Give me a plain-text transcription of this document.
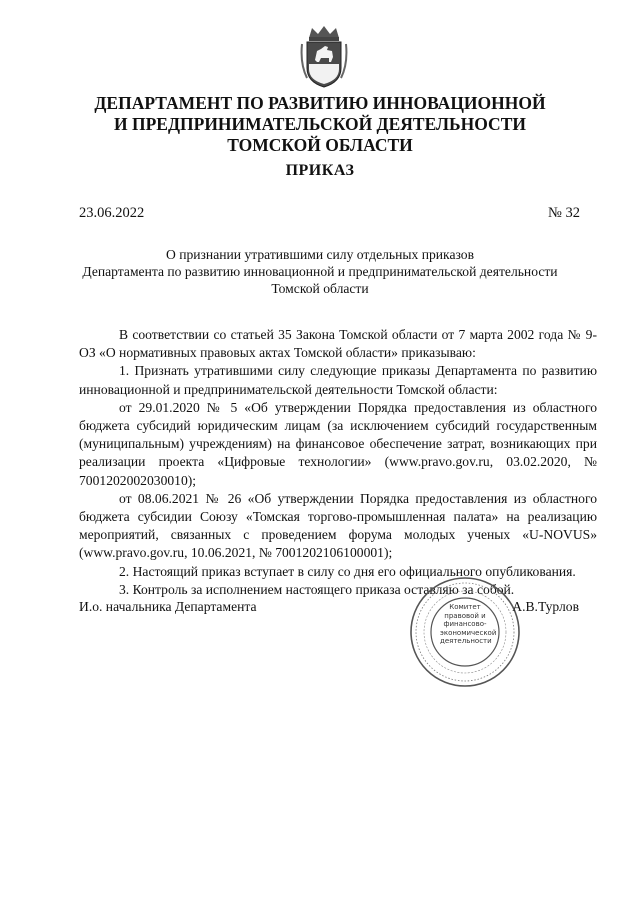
ДЕПАРТАМЕНТ ПО РАЗВИТИЮ ИННОВАЦИОННОЙ
И ПРЕДПРИНИМАТЕЛЬСКОЙ ДЕЯТЕЛЬНОСТИ
ТОМСКОЙ ОБЛАСТИ
ПРИКАЗ
23.06.2022	№ 32
О признании утратившими силу отдельных приказов
Департамента по развитию инновационной и предпринимательской деятельности
Томской области

В соответствии со статьей 35 Закона Томской области от 7 марта 2002 года № 9-ОЗ «О нормативных правовых актах Томской области» приказываю:

1. Признать утратившими силу следующие приказы Департамента по развитию инновационной и предпринимательской деятельности Томской области:

от 29.01.2020 № 5 «Об утверждении Порядка предоставления из областного бюджета субсидий юридическим лицам (за исключением субсидий государственным (муниципальным) учреждениям) на финансовое обеспечение затрат, возникающих при реализации проекта «Цифровые технологии» (www.pravo.gov.ru, 03.02.2020, № 7001202002030010);

от 08.06.2021 № 26 «Об утверждении Порядка предоставления из областного бюджета субсидии Союзу «Томская торгово-промышленная палата» на реализацию мероприятий, связанных с проведением форума молодых ученых «U-NOVUS» (www.pravo.gov.ru, 10.06.2021, № 7001202106100001);

2. Настоящий приказ вступает в силу со дня его официального опубликования.

3. Контроль за исполнением настоящего приказа оставляю за собой.

И.о. начальника Департамента	Комитет
правовой и
финансово-
экономической
деятельности
А.В.Турлов
